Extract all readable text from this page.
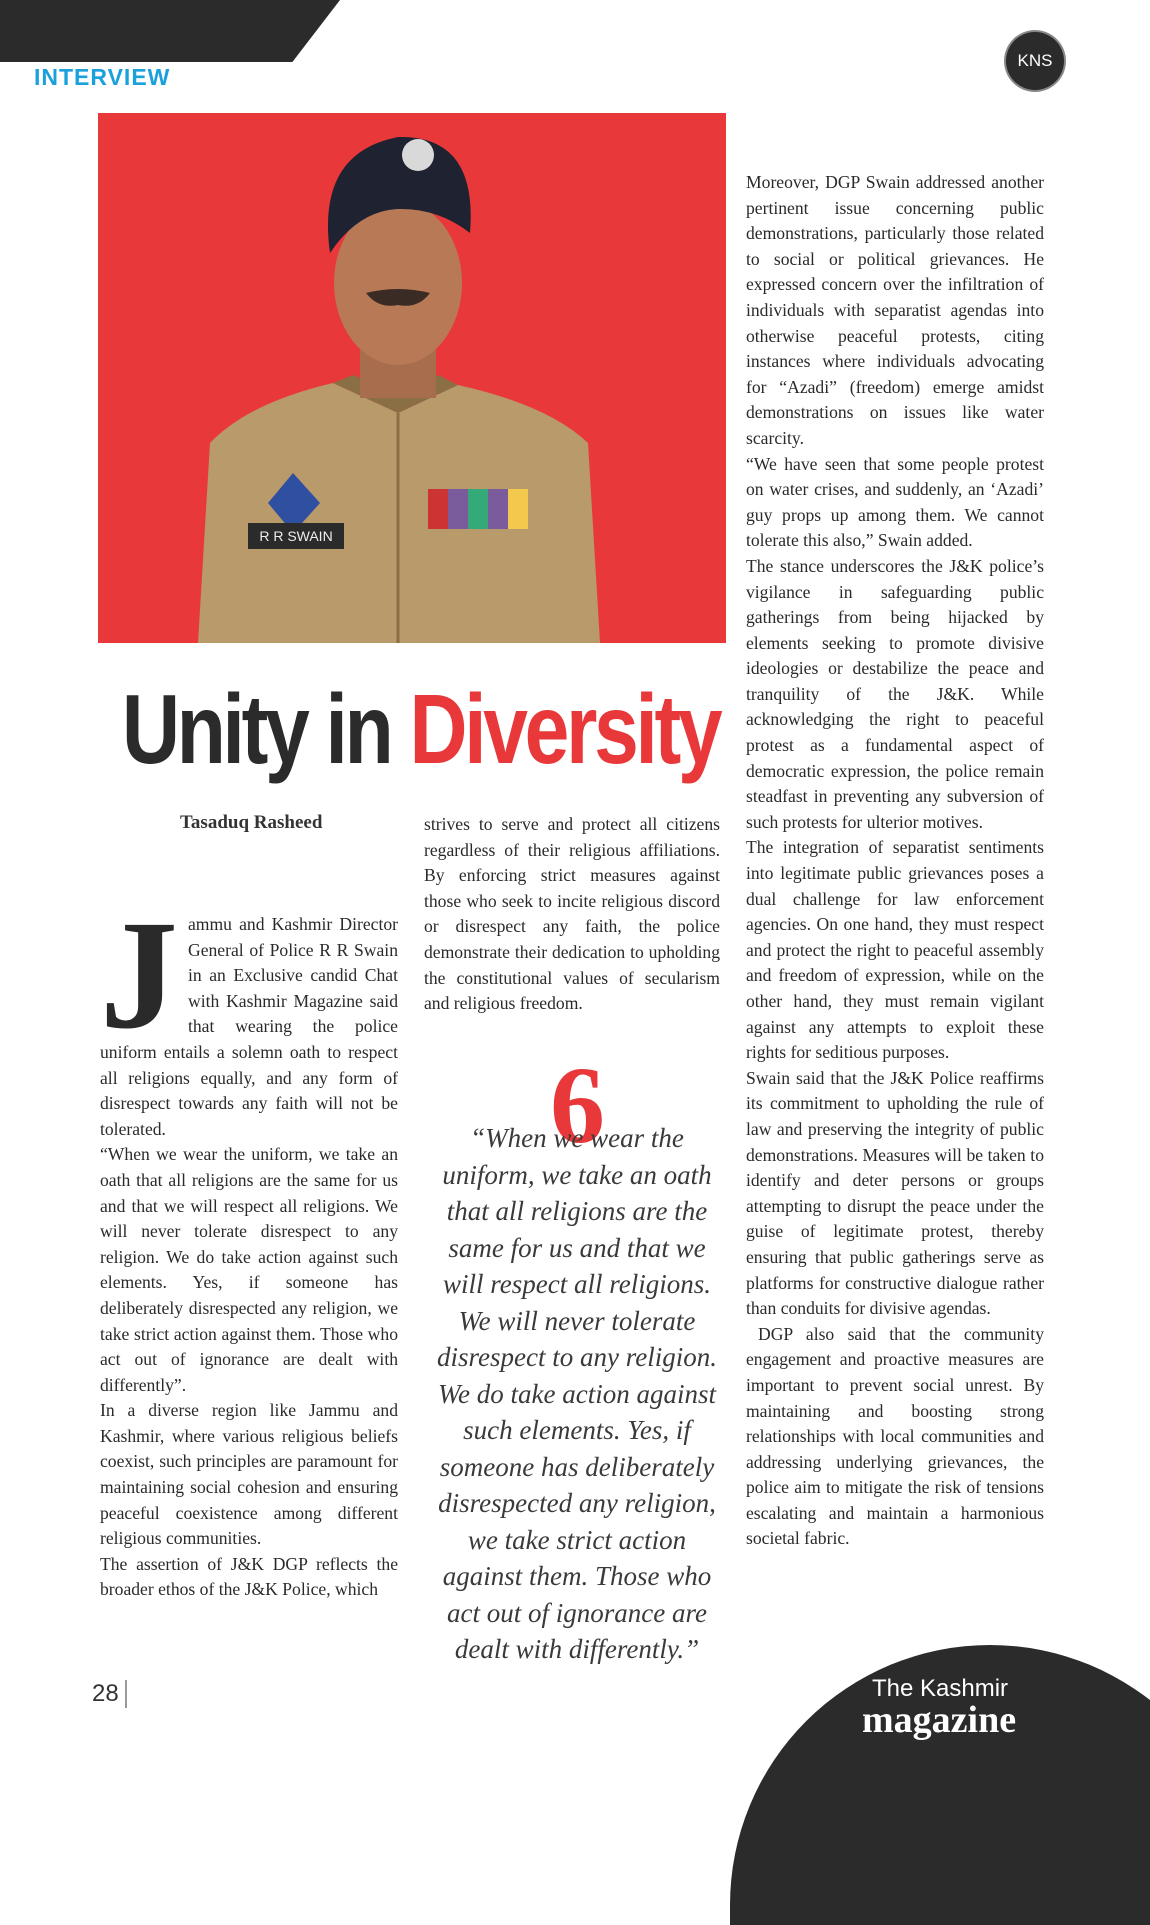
INTERVIEW
KNS
R R SWAIN
Unity in Diversity
Tasaduq Rasheed

Jammu and Kashmir Director General of Police R R Swain in an Exclusive candid Chat with Kashmir Magazine said that wearing the police uniform entails a solemn oath to respect all religions equally, and any form of disrespect towards any faith will not be tolerated.

“When we wear the uniform, we take an oath that all religions are the same for us and that we will respect all religions. We will never tolerate disrespect to any religion. We do take action against such elements. Yes, if someone has deliberately disrespected any religion, we take strict action against them. Those who act out of ignorance are dealt with differently”.

In a diverse region like Jammu and Kashmir, where various religious beliefs coexist, such principles are paramount for maintaining social cohesion and ensuring peaceful coexistence among different religious communities.

The assertion of J&K DGP reflects the broader ethos of the J&K Police, which

strives to serve and protect all citizens regardless of their religious affiliations. By enforcing strict measures against those who seek to incite religious discord or disrespect any faith, the police demonstrate their dedication to upholding the constitutional values of secularism and religious freedom.

6
“When we wear the uniform, we take an oath that all religions are the same for us and that we will respect all religions. We will never tolerate disrespect to any religion. We do take action against such elements. Yes, if someone has deliberately disrespected any religion, we take strict action against them. Those who act out of ignorance are dealt with differently.”

Moreover, DGP Swain addressed another pertinent issue concerning public demonstrations, particularly those related to social or political grievances. He expressed concern over the infiltration of individuals with separatist agendas into otherwise peaceful protests, citing instances where individuals advocating for “Azadi” (freedom) emerge amidst demonstrations on issues like water scarcity.

“We have seen that some people protest on water crises, and suddenly, an ‘Azadi’ guy props up among them. We cannot tolerate this also,” Swain added.

The stance underscores the J&K police’s vigilance in safeguarding public gatherings from being hijacked by elements seeking to promote divisive ideologies or destabilize the peace and tranquility of the J&K. While acknowledging the right to peaceful protest as a fundamental aspect of democratic expression, the police remain steadfast in preventing any subversion of such protests for ulterior motives.

The integration of separatist sentiments into legitimate public grievances poses a dual challenge for law enforcement agencies. On one hand, they must respect and protect the right to peaceful assembly and freedom of expression, while on the other hand, they must remain vigilant against any attempts to exploit these rights for seditious purposes.

Swain said that the J&K Police reaffirms its commitment to upholding the rule of law and preserving the integrity of public demonstrations. Measures will be taken to identify and deter persons or groups attempting to disrupt the peace under the guise of legitimate protest, thereby ensuring that public gatherings serve as platforms for constructive dialogue rather than conduits for divisive agendas.

DGP also said that the community engagement and proactive measures are important to prevent social unrest. By maintaining and boosting strong relationships with local communities and addressing underlying grievances, the police aim to mitigate the risk of tensions escalating and maintain a harmonious societal fabric.

28	The Kashmir
magazine
